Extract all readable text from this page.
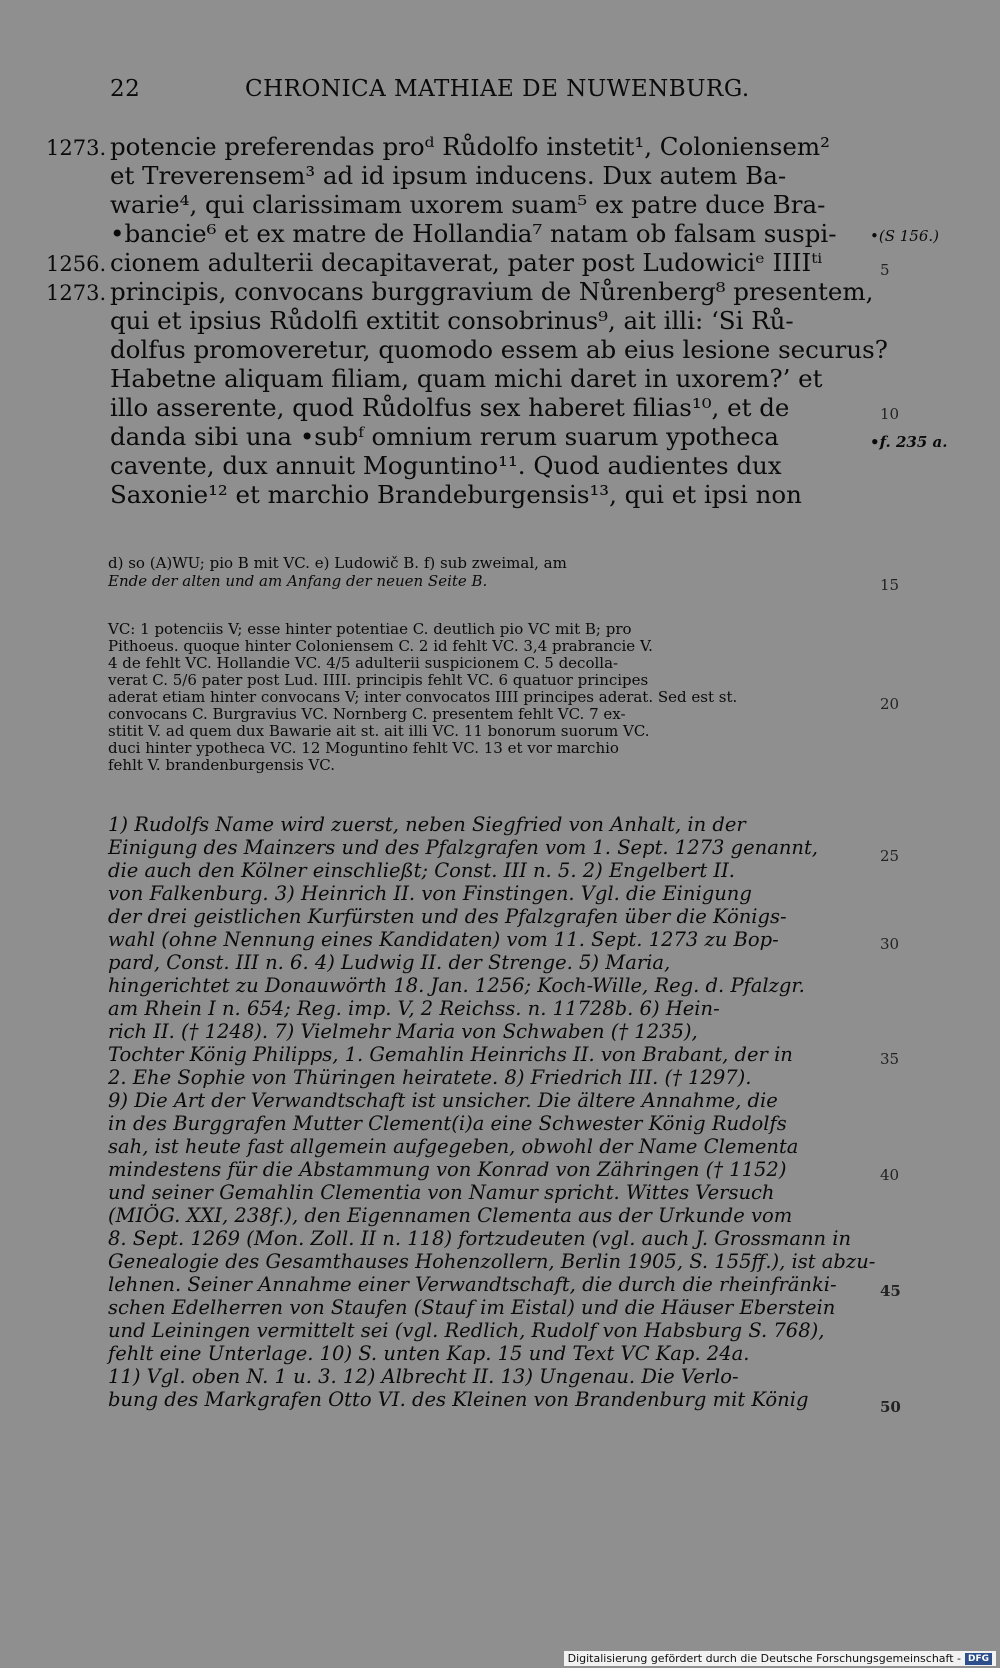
22	CHRONICA MATHIAE DE NUWENBURG.
1273.
1256.
1273.
potencie preferendas proᵈ Růdolfo instetit¹, Coloniensem²
et Treverensem³ ad id ipsum inducens. Dux autem Ba-
warie⁴, qui clarissimam uxorem suam⁵ ex patre duce Bra-
•bancie⁶ et ex matre de Hollandia⁷ natam ob falsam suspi-
cionem adulterii decapitaverat, pater post Ludowiciᵉ IIIIᵗⁱ
principis, convocans burggravium de Nůrenberg⁸ presentem,
qui et ipsius Růdolfi extitit consobrinus⁹, ait illi: ‘Si Rů-
dolfus promoveretur, quomodo essem ab eius lesione securus?
Habetne aliquam filiam, quam michi daret in uxorem?’ et
illo asserente, quod Růdolfus sex haberet filias¹⁰, et de
danda sibi una •subᶠ omnium rerum suarum ypotheca
cavente, dux annuit Moguntino¹¹. Quod audientes dux
Saxonie¹² et marchio Brandeburgensis¹³, qui et ipsi non
•(S 156.)
•f. 235 a.
5
10
15
20
25
30
35
40
45
50
d) so (A)WU; pio B mit VC. e) Ludowič B. f) sub zweimal, am
Ende der alten und am Anfang der neuen Seite B.
VC: 1 potenciis V; esse hinter potentiae C. deutlich pio VC mit B; pro
Pithoeus. quoque hinter Coloniensem C. 2 id fehlt VC. 3,4 prabrancie V.
4 de fehlt VC. Hollandie VC. 4/5 adulterii suspicionem C. 5 decolla-
verat C. 5/6 pater post Lud. IIII. principis fehlt VC. 6 quatuor principes
aderat etiam hinter convocans V; inter convocatos IIII principes aderat. Sed est st.
convocans C. Burgravius VC. Nornberg C. presentem fehlt VC. 7 ex-
stitit V. ad quem dux Bawarie ait st. ait illi VC. 11 bonorum suorum VC.
duci hinter ypotheca VC. 12 Moguntino fehlt VC. 13 et vor marchio
fehlt V. brandenburgensis VC.
1) Rudolfs Name wird zuerst, neben Siegfried von Anhalt, in der
Einigung des Mainzers und des Pfalzgrafen vom 1. Sept. 1273 genannt,
die auch den Kölner einschließt; Const. III n. 5. 2) Engelbert II.
von Falkenburg. 3) Heinrich II. von Finstingen. Vgl. die Einigung
der drei geistlichen Kurfürsten und des Pfalzgrafen über die Königs-
wahl (ohne Nennung eines Kandidaten) vom 11. Sept. 1273 zu Bop-
pard, Const. III n. 6. 4) Ludwig II. der Strenge. 5) Maria,
hingerichtet zu Donauwörth 18. Jan. 1256; Koch-Wille, Reg. d. Pfalzgr.
am Rhein I n. 654; Reg. imp. V, 2 Reichss. n. 11728b. 6) Hein-
rich II. († 1248). 7) Vielmehr Maria von Schwaben († 1235),
Tochter König Philipps, 1. Gemahlin Heinrichs II. von Brabant, der in
2. Ehe Sophie von Thüringen heiratete. 8) Friedrich III. († 1297).
9) Die Art der Verwandtschaft ist unsicher. Die ältere Annahme, die
in des Burggrafen Mutter Clement(i)a eine Schwester König Rudolfs
sah, ist heute fast allgemein aufgegeben, obwohl der Name Clementa
mindestens für die Abstammung von Konrad von Zähringen († 1152)
und seiner Gemahlin Clementia von Namur spricht. Wittes Versuch
(MIÖG. XXI, 238f.), den Eigennamen Clementa aus der Urkunde vom
8. Sept. 1269 (Mon. Zoll. II n. 118) fortzudeuten (vgl. auch J. Grossmann in
Genealogie des Gesamthauses Hohenzollern, Berlin 1905, S. 155ff.), ist abzu-
lehnen. Seiner Annahme einer Verwandtschaft, die durch die rheinfränki-
schen Edelherren von Staufen (Stauf im Eistal) und die Häuser Eberstein
und Leiningen vermittelt sei (vgl. Redlich, Rudolf von Habsburg S. 768),
fehlt eine Unterlage. 10) S. unten Kap. 15 und Text VC Kap. 24a.
11) Vgl. oben N. 1 u. 3. 12) Albrecht II. 13) Ungenau. Die Verlo-
bung des Markgrafen Otto VI. des Kleinen von Brandenburg mit König
Digitalisierung gefördert durch die Deutsche Forschungsgemeinschaft - DFG
